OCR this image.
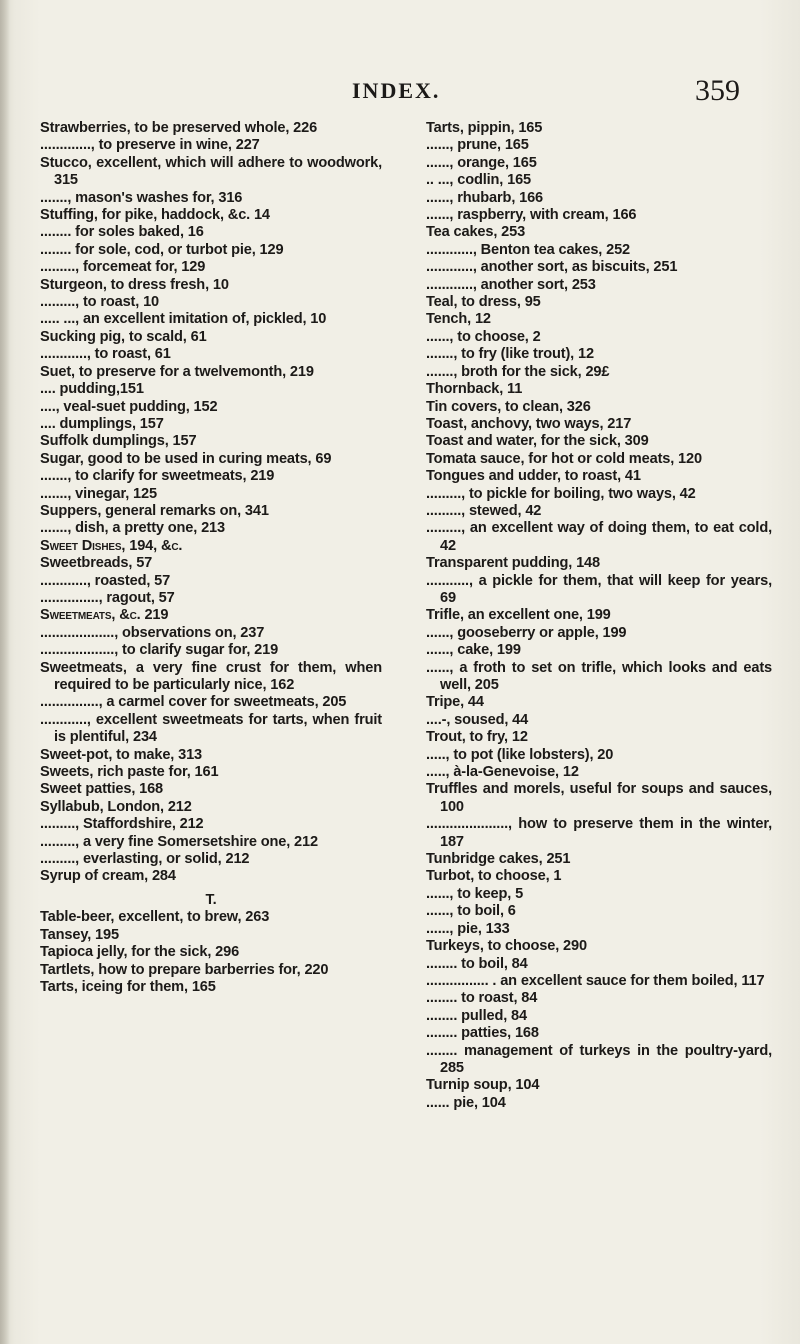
INDEX.	359

Strawberries, to be preserved whole, 226

............., to preserve in wine, 227

Stucco, excellent, which will adhere to woodwork, 315

......., mason's washes for, 316

Stuffing, for pike, haddock, &c. 14

........ for soles baked, 16

........ for sole, cod, or turbot pie, 129

........., forcemeat for, 129

Sturgeon, to dress fresh, 10

........., to roast, 10

..... ..., an excellent imitation of, pickled, 10

Sucking pig, to scald, 61

............, to roast, 61

Suet, to preserve for a twelvemonth, 219

.... pudding,151

...., veal-suet pudding, 152

.... dumplings, 157

Suffolk dumplings, 157

Sugar, good to be used in curing meats, 69

......., to clarify for sweetmeats, 219

......., vinegar, 125

Suppers, general remarks on, 341

......., dish, a pretty one, 213

Sweet Dishes, 194, &c.

Sweetbreads, 57

............, roasted, 57

..............., ragout, 57

Sweetmeats, &c. 219

..................., observations on, 237

..................., to clarify sugar for, 219

Sweetmeats, a very fine crust for them, when required to be particularly nice, 162

..............., a carmel cover for sweetmeats, 205

............, excellent sweetmeats for tarts, when fruit is plentiful, 234

Sweet-pot, to make, 313

Sweets, rich paste for, 161

Sweet patties, 168

Syllabub, London, 212

........., Staffordshire, 212

........., a very fine Somersetshire one, 212

........., everlasting, or solid, 212

Syrup of cream, 284

T.

Table-beer, excellent, to brew, 263

Tansey, 195

Tapioca jelly, for the sick, 296

Tartlets, how to prepare barberries for, 220

Tarts, iceing for them, 165

Tarts, pippin, 165

......, prune, 165

......, orange, 165

.. ..., codlin, 165

......, rhubarb, 166

......, raspberry, with cream, 166

Tea cakes, 253

............, Benton tea cakes, 252

............, another sort, as biscuits, 251

............, another sort, 253

Teal, to dress, 95

Tench, 12

......, to choose, 2

......., to fry (like trout), 12

......., broth for the sick, 29£

Thornback, 11

Tin covers, to clean, 326

Toast, anchovy, two ways, 217

Toast and water, for the sick, 309

Tomata sauce, for hot or cold meats, 120

Tongues and udder, to roast, 41

........., to pickle for boiling, two ways, 42

........., stewed, 42

........., an excellent way of doing them, to eat cold, 42

Transparent pudding, 148

..........., a pickle for them, that will keep for years, 69

Trifle, an excellent one, 199

......, gooseberry or apple, 199

......, cake, 199

......, a froth to set on trifle, which looks and eats well, 205

Tripe, 44

....-, soused, 44

Trout, to fry, 12

....., to pot (like lobsters), 20

....., à-la-Genevoise, 12

Truffles and morels, useful for soups and sauces, 100

....................., how to preserve them in the winter, 187

Tunbridge cakes, 251

Turbot, to choose, 1

......, to keep, 5

......, to boil, 6

......, pie, 133

Turkeys, to choose, 290

........ to boil, 84

................ . an excellent sauce for them boiled, 117

........ to roast, 84

........ pulled, 84

........ patties, 168

........ management of turkeys in the poultry-yard, 285

Turnip soup, 104

...... pie, 104
